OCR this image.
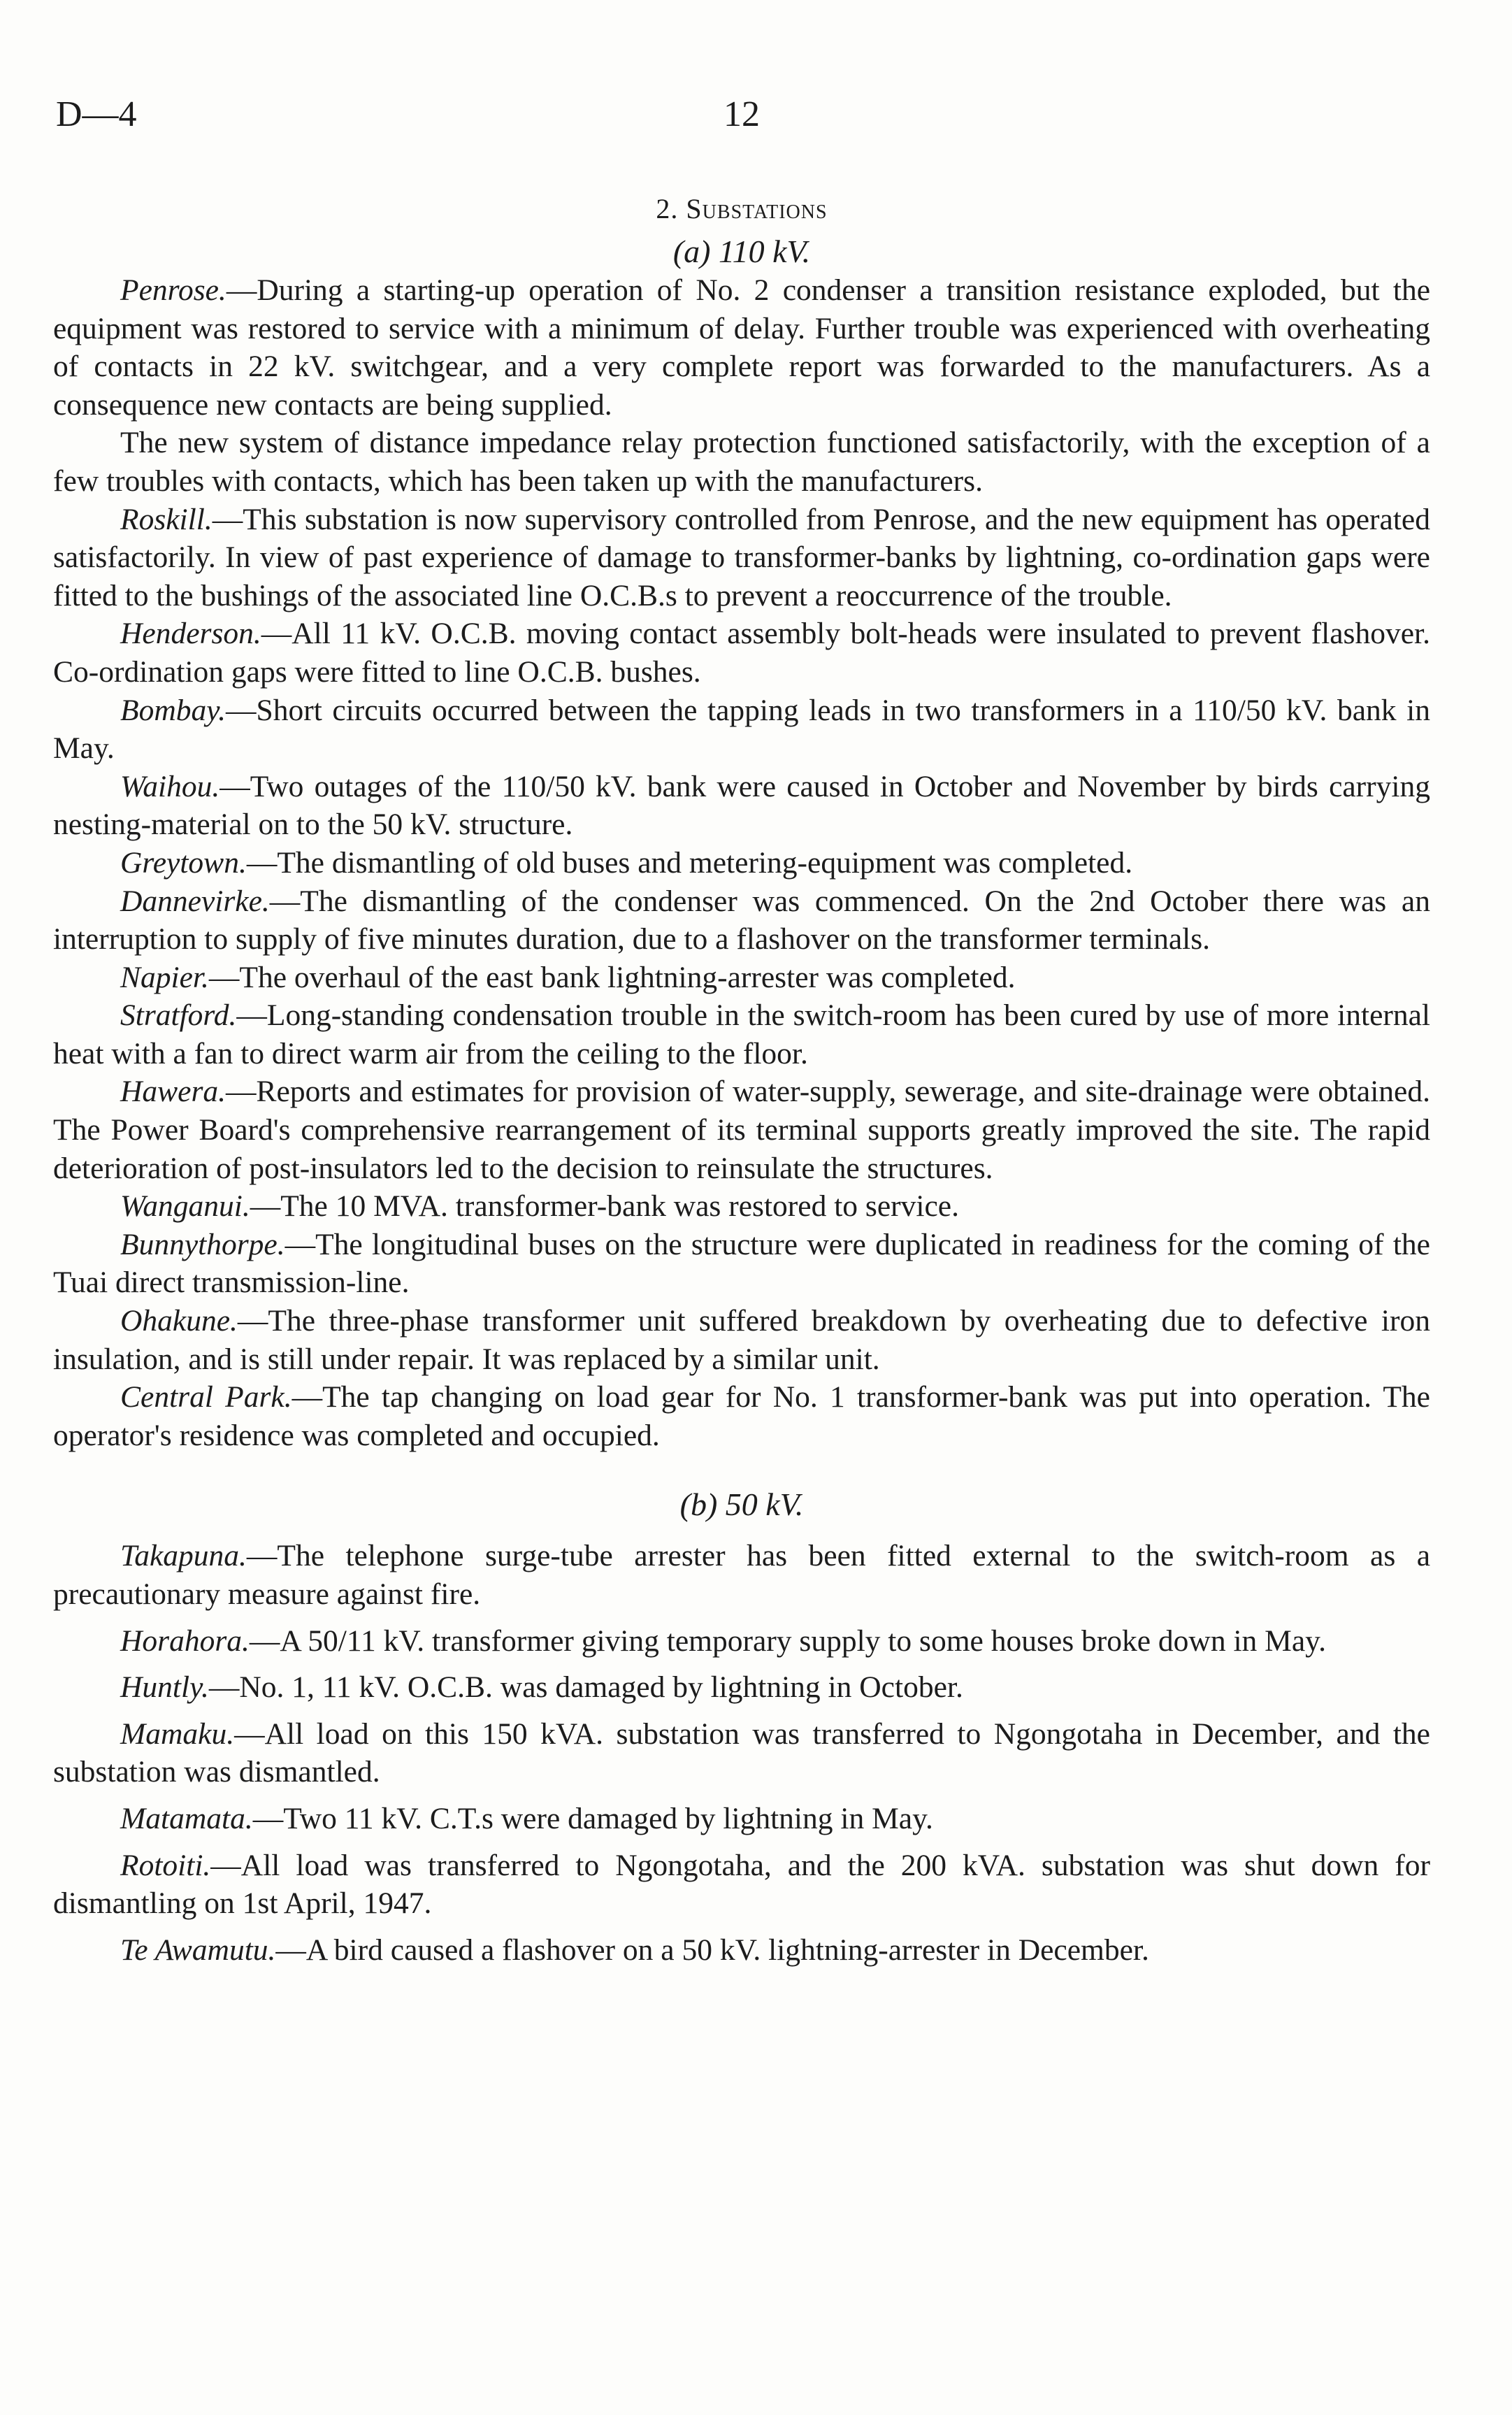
D—4	12
2. Substations
(a) 110 kV.

Penrose.—During a starting-up operation of No. 2 condenser a transition resistance exploded, but the equipment was restored to service with a minimum of delay. Further trouble was experienced with overheating of contacts in 22 kV. switchgear, and a very complete report was forwarded to the manufacturers. As a consequence new contacts are being supplied.

The new system of distance impedance relay protection functioned satisfactorily, with the exception of a few troubles with contacts, which has been taken up with the manufacturers.

Roskill.—This substation is now supervisory controlled from Penrose, and the new equipment has operated satisfactorily. In view of past experience of damage to transformer-banks by lightning, co-ordination gaps were fitted to the bushings of the associated line O.C.B.s to prevent a reoccurrence of the trouble.

Henderson.—All 11 kV. O.C.B. moving contact assembly bolt-heads were insulated to prevent flashover. Co-ordination gaps were fitted to line O.C.B. bushes.

Bombay.—Short circuits occurred between the tapping leads in two transformers in a 110/50 kV. bank in May.

Waihou.—Two outages of the 110/50 kV. bank were caused in October and November by birds carrying nesting-material on to the 50 kV. structure.

Greytown.—The dismantling of old buses and metering-equipment was completed.

Dannevirke.—The dismantling of the condenser was commenced. On the 2nd October there was an interruption to supply of five minutes duration, due to a flashover on the transformer terminals.

Napier.—The overhaul of the east bank lightning-arrester was completed.

Stratford.—Long-standing condensation trouble in the switch-room has been cured by use of more internal heat with a fan to direct warm air from the ceiling to the floor.

Hawera.—Reports and estimates for provision of water-supply, sewerage, and site-drainage were obtained. The Power Board's comprehensive rearrangement of its terminal supports greatly improved the site. The rapid deterioration of post-insulators led to the decision to reinsulate the structures.

Wanganui.—The 10 MVA. transformer-bank was restored to service.

Bunnythorpe.—The longitudinal buses on the structure were duplicated in readiness for the coming of the Tuai direct transmission-line.

Ohakune.—The three-phase transformer unit suffered breakdown by overheating due to defective iron insulation, and is still under repair. It was replaced by a similar unit.

Central Park.—The tap changing on load gear for No. 1 transformer-bank was put into operation. The operator's residence was completed and occupied.

(b) 50 kV.

Takapuna.—The telephone surge-tube arrester has been fitted external to the switch-room as a precautionary measure against fire.

Horahora.—A 50/11 kV. transformer giving temporary supply to some houses broke down in May.

Huntly.—No. 1, 11 kV. O.C.B. was damaged by lightning in October.

Mamaku.—All load on this 150 kVA. substation was transferred to Ngongotaha in December, and the substation was dismantled.

Matamata.—Two 11 kV. C.T.s were damaged by lightning in May.

Rotoiti.—All load was transferred to Ngongotaha, and the 200 kVA. substation was shut down for dismantling on 1st April, 1947.

Te Awamutu.—A bird caused a flashover on a 50 kV. lightning-arrester in December.
